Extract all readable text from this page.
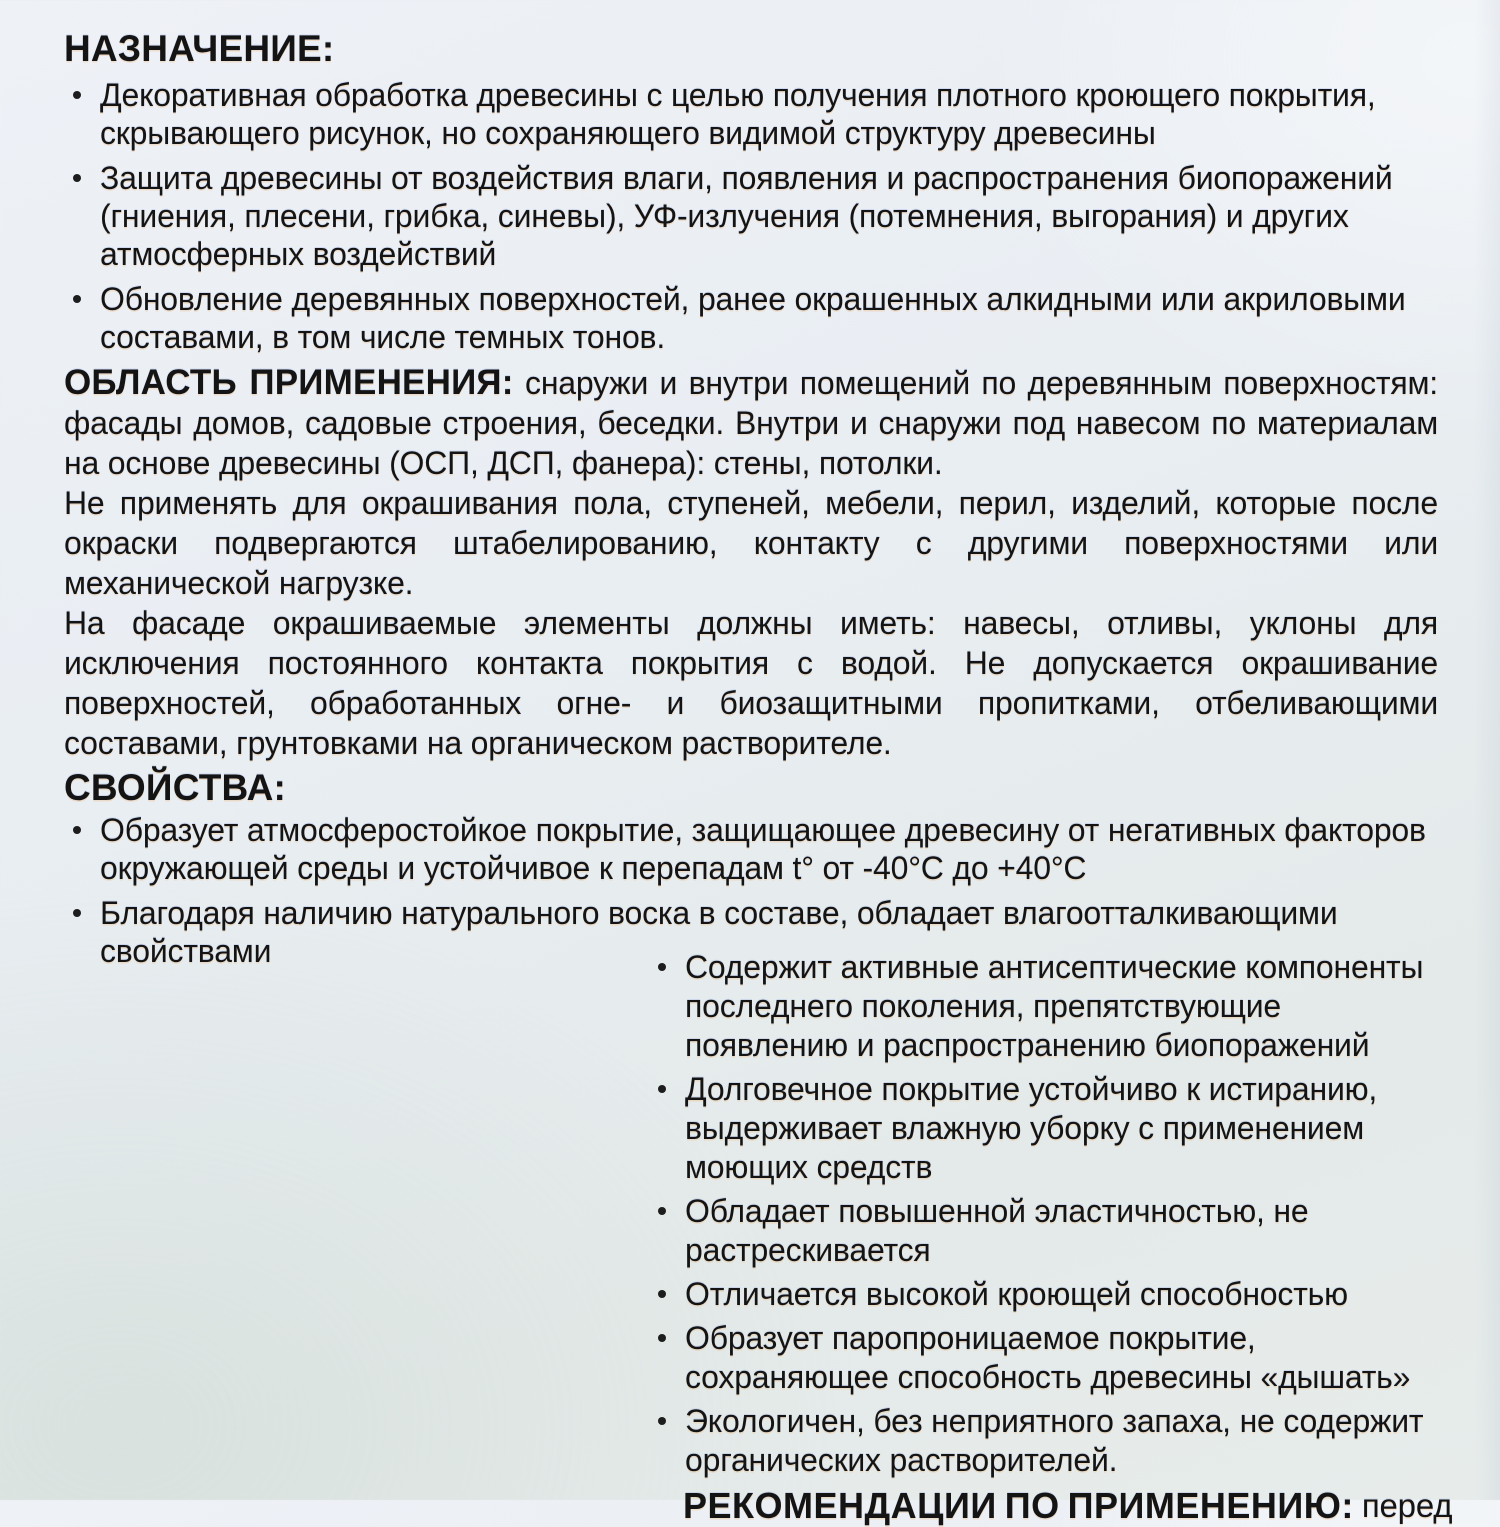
НАЗНАЧЕНИЕ:
Декоративная обработка древесины с целью получения плотного кроющего покрытия, скрывающего рисунок, но сохраняющего видимой структуру древесины
Защита древесины от воздействия влаги, появления и распространения биопоражений (гниения, плесени, грибка, синевы), УФ-излучения (потемнения, выгорания) и других атмосферных воздействий
Обновление деревянных поверхностей, ранее окрашенных алкидными или акриловыми составами, в том числе темных тонов.

ОБЛАСТЬ ПРИМЕНЕНИЯ: снаружи и внутри помещений по деревянным поверхностям: фасады домов, садовые строения, беседки. Внутри и снаружи под навесом по материалам на основе древесины (ОСП, ДСП, фанера): стены, потолки.

Не применять для окрашивания пола, ступеней, мебели, перил, изделий, которые после окраски подвергаются штабелированию, контакту с другими поверхностями или механической нагрузке.

На фасаде окрашиваемые элементы должны иметь: навесы, отливы, уклоны для исключения постоянного контакта покрытия с водой. Не допускается окрашивание поверхностей, обработанных огне- и биозащитными пропитками, отбеливающими составами, грунтовками на органическом растворителе.

СВОЙСТВА:
Образует атмосферостойкое покрытие, защищающее древесину от негативных факторов окружающей среды и устойчивое к перепадам t° от -40°С до +40°С
Благодаря наличию натурального воска в составе, обладает влагоотталкивающими свойствами	Содержит активные антисептические компоненты последнего поколения, препятствующие появлению и распространению биопоражений
Долговечное покрытие устойчиво к истиранию, выдерживает влажную уборку с применением моющих средств
Обладает повышенной эластичностью, не растрескивается
Отличается высокой кроющей способностью
Образует паропроницаемое покрытие, сохраняющее способность древесины «дышать»
Экологичен, без неприятного запаха, не содержит органических растворителей.
РЕКОМЕНДАЦИИ ПО ПРИМЕНЕНИЮ: перед
